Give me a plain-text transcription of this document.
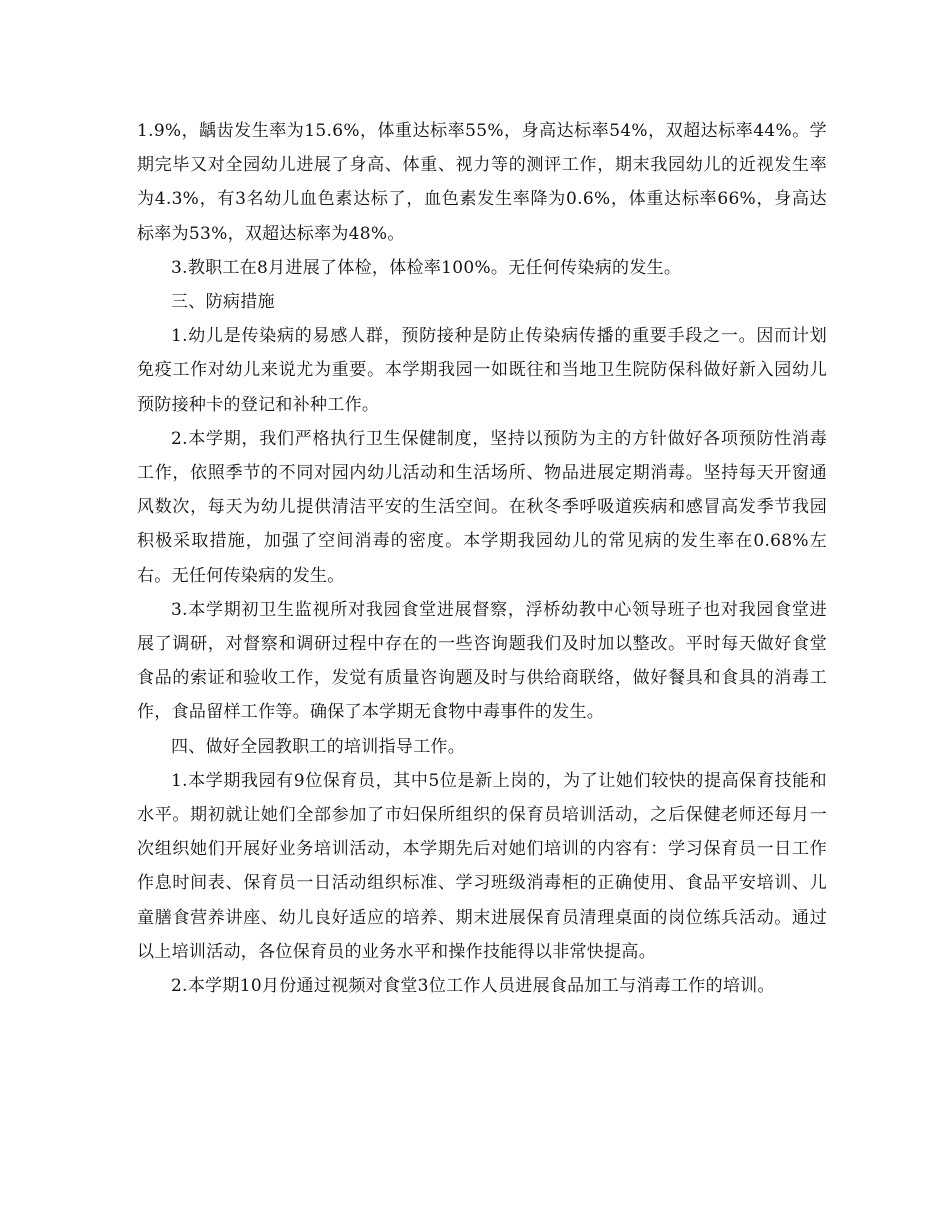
1.9%，龋齿发生率为15.6%，体重达标率55%，身高达标率54%，双超达标率44%。学期完毕又对全园幼儿进展了身高、体重、视力等的测评工作，期末我园幼儿的近视发生率为4.3%，有3名幼儿血色素达标了，血色素发生率降为0.6%，体重达标率66%，身高达标率为53%，双超达标率为48%。

3.教职工在8月进展了体检，体检率100%。无任何传染病的发生。

三、防病措施

1.幼儿是传染病的易感人群，预防接种是防止传染病传播的重要手段之一。因而计划免疫工作对幼儿来说尤为重要。本学期我园一如既往和当地卫生院防保科做好新入园幼儿预防接种卡的登记和补种工作。

2.本学期，我们严格执行卫生保健制度，坚持以预防为主的方针做好各项预防性消毒工作，依照季节的不同对园内幼儿活动和生活场所、物品进展定期消毒。坚持每天开窗通风数次，每天为幼儿提供清洁平安的生活空间。在秋冬季呼吸道疾病和感冒高发季节我园积极采取措施，加强了空间消毒的密度。本学期我园幼儿的常见病的发生率在0.68%左右。无任何传染病的发生。

3.本学期初卫生监视所对我园食堂进展督察，浮桥幼教中心领导班子也对我园食堂进展了调研，对督察和调研过程中存在的一些咨询题我们及时加以整改。平时每天做好食堂食品的索证和验收工作，发觉有质量咨询题及时与供给商联络，做好餐具和食具的消毒工作，食品留样工作等。确保了本学期无食物中毒事件的发生。

四、做好全园教职工的培训指导工作。

1.本学期我园有9位保育员，其中5位是新上岗的，为了让她们较快的提高保育技能和水平。期初就让她们全部参加了市妇保所组织的保育员培训活动，之后保健老师还每月一次组织她们开展好业务培训活动，本学期先后对她们培训的内容有：学习保育员一日工作作息时间表、保育员一日活动组织标准、学习班级消毒柜的正确使用、食品平安培训、儿童膳食营养讲座、幼儿良好适应的培养、期末进展保育员清理桌面的岗位练兵活动。通过以上培训活动，各位保育员的业务水平和操作技能得以非常快提高。

2.本学期10月份通过视频对食堂3位工作人员进展食品加工与消毒工作的培训。
